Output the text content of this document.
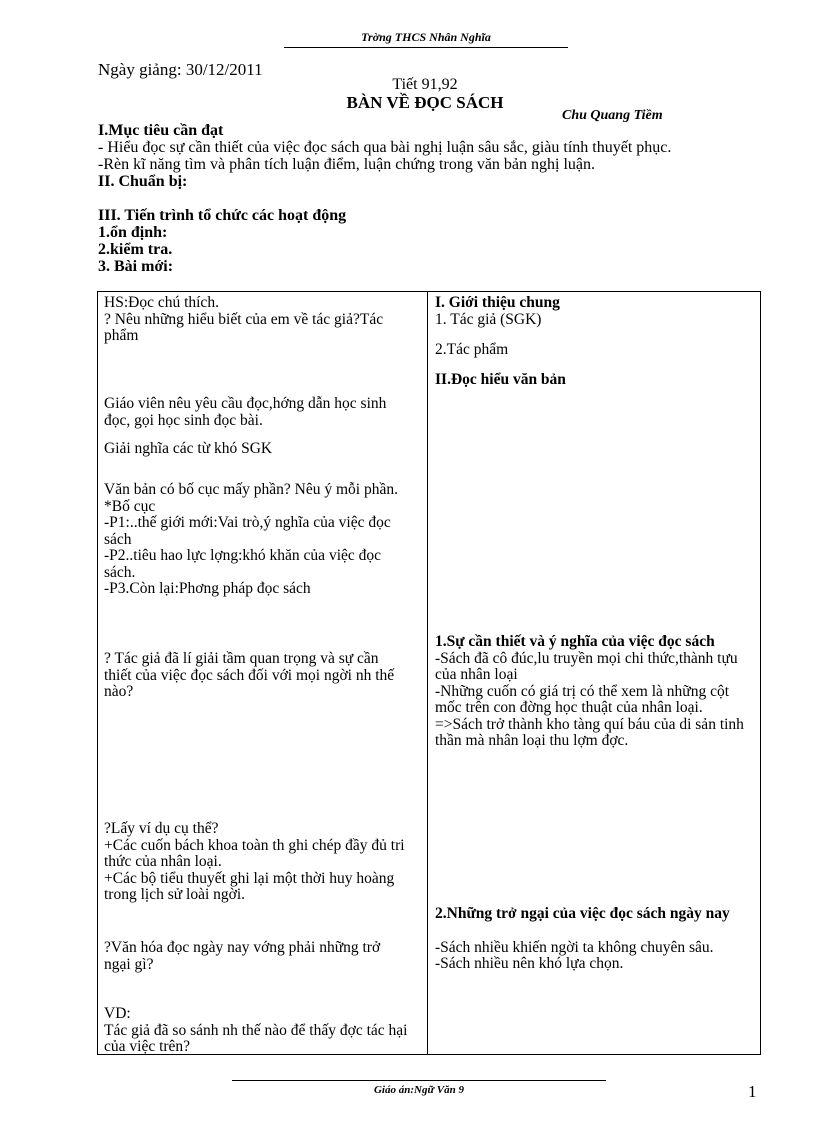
Trờng THCS Nhân Nghĩa
Ngày giảng: 30/12/2011
Tiết 91,92
BÀN VỀ ĐỌC SÁCH
Chu Quang Tiềm
I.Mục tiêu cần đạt
- Hiểu đọc sự cần thiết của việc đọc sách qua bài nghị luận sâu sắc, giàu tính thuyết phục.
-Rèn kĩ năng tìm và phân tích luận điểm, luận chứng trong văn bản nghị luận.
II. Chuẩn bị:
III. Tiến trình tổ chức các hoạt động
1.ổn định:
2.kiểm tra.
3. Bài mới:
HS:Đọc chú thích.
? Nêu những hiểu biết của em về tác giả?Tác phẩm
Giáo viên nêu yêu cầu đọc,hớng dẫn học sinh đọc, gọi học sinh đọc bài.
Giải nghĩa các từ khó SGK
Văn bản có bố cục mấy phần? Nêu ý mỗi phần.
*Bố cục
-P1:..thế giới mới:Vai trò,ý nghĩa của việc đọc sách
-P2..tiêu hao lực lợng:khó khăn của việc đọc sách.
-P3.Còn lại:Phơng pháp đọc sách
? Tác giả đã lí giải tầm quan trọng và sự cần thiết của việc đọc sách đối với mọi ngời nh thế nào?
?Lấy ví dụ cụ thể?
+Các cuốn bách khoa toàn th ghi chép đầy đủ tri thức của nhân loại.
+Các bộ tiểu thuyết ghi lại một thời huy hoàng trong lịch sử loài ngời.
?Văn hóa đọc ngày nay vớng phải những trở ngại gì?
VD:
Tác giả đã so sánh nh thế nào để thấy đợc tác hại của việc trên?
I. Giới thiệu chung
1. Tác giả (SGK)
2.Tác phẩm
II.Đọc hiểu văn bản
1.Sự cần thiết và ý nghĩa của việc đọc sách
-Sách đã cô đúc,lu truyền mọi chi thức,thành tựu của nhân loại
-Những cuốn có giá trị có thể xem là những cột mốc trên con đờng học thuật của nhân loại.
=>Sách trở thành kho tàng quí báu của di sản tinh thần mà nhân loại thu lợm đợc.
2.Những trở ngại của việc đọc sách ngày nay
-Sách nhiều khiến ngời ta không chuyên sâu.
-Sách nhiều nên khó lựa chọn.
Giáo án:Ngữ Văn 9	1
